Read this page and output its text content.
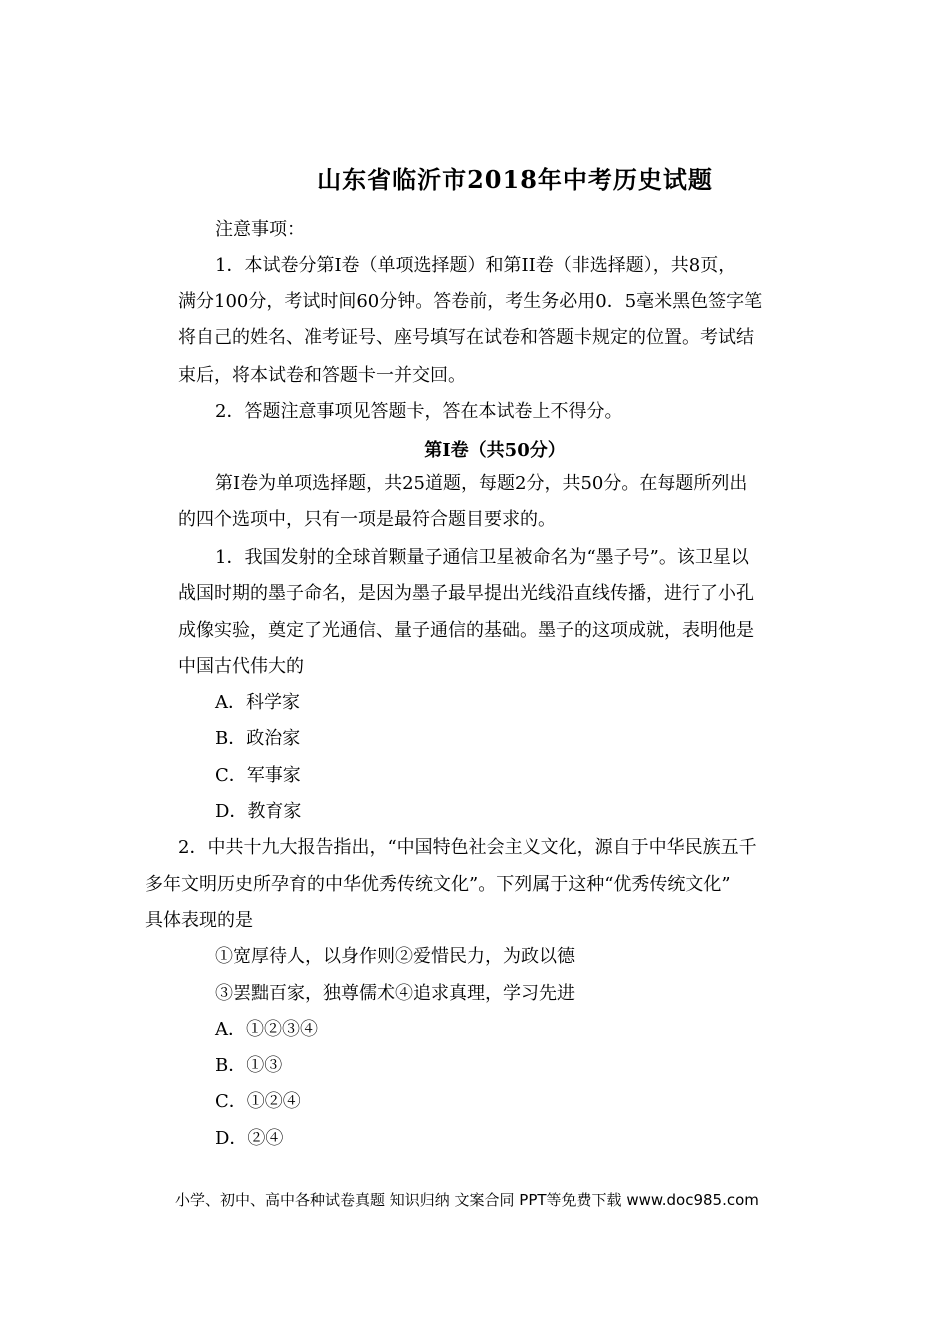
山东省临沂市2018年中考历史试题
注意事项：
1．本试卷分第Ⅰ卷（单项选择题）和第II卷（非选择题），共8页，
满分100分，考试时间60分钟。答卷前，考生务必用0．5毫米黑色签字笔
将自己的姓名、准考证号、座号填写在试卷和答题卡规定的位置。考试结
束后，将本试卷和答题卡一并交回。
2．答题注意事项见答题卡，答在本试卷上不得分。
第Ⅰ卷（共50分）
第Ⅰ卷为单项选择题，共25道题，每题2分，共50分。在每题所列出
的四个选项中，只有一项是最符合题目要求的。
1．我国发射的全球首颗量子通信卫星被命名为“墨子号”。该卫星以
战国时期的墨子命名，是因为墨子最早提出光线沿直线传播，进行了小孔
成像实验，奠定了光通信、量子通信的基础。墨子的这项成就，表明他是
中国古代伟大的
A．科学家
B．政治家
C．军事家
D．教育家
2．中共十九大报告指出，“中国特色社会主义文化，源自于中华民族五千
多年文明历史所孕育的中华优秀传统文化”。下列属于这种“优秀传统文化”
具体表现的是
①宽厚待人，以身作则②爱惜民力，为政以德
③罢黜百家，独尊儒术④追求真理，学习先进
A．①②③④
B．①③
C．①②④
D．②④
小学、初中、高中各种试卷真题 知识归纳 文案合同 PPT等免费下载 www.doc985.com
